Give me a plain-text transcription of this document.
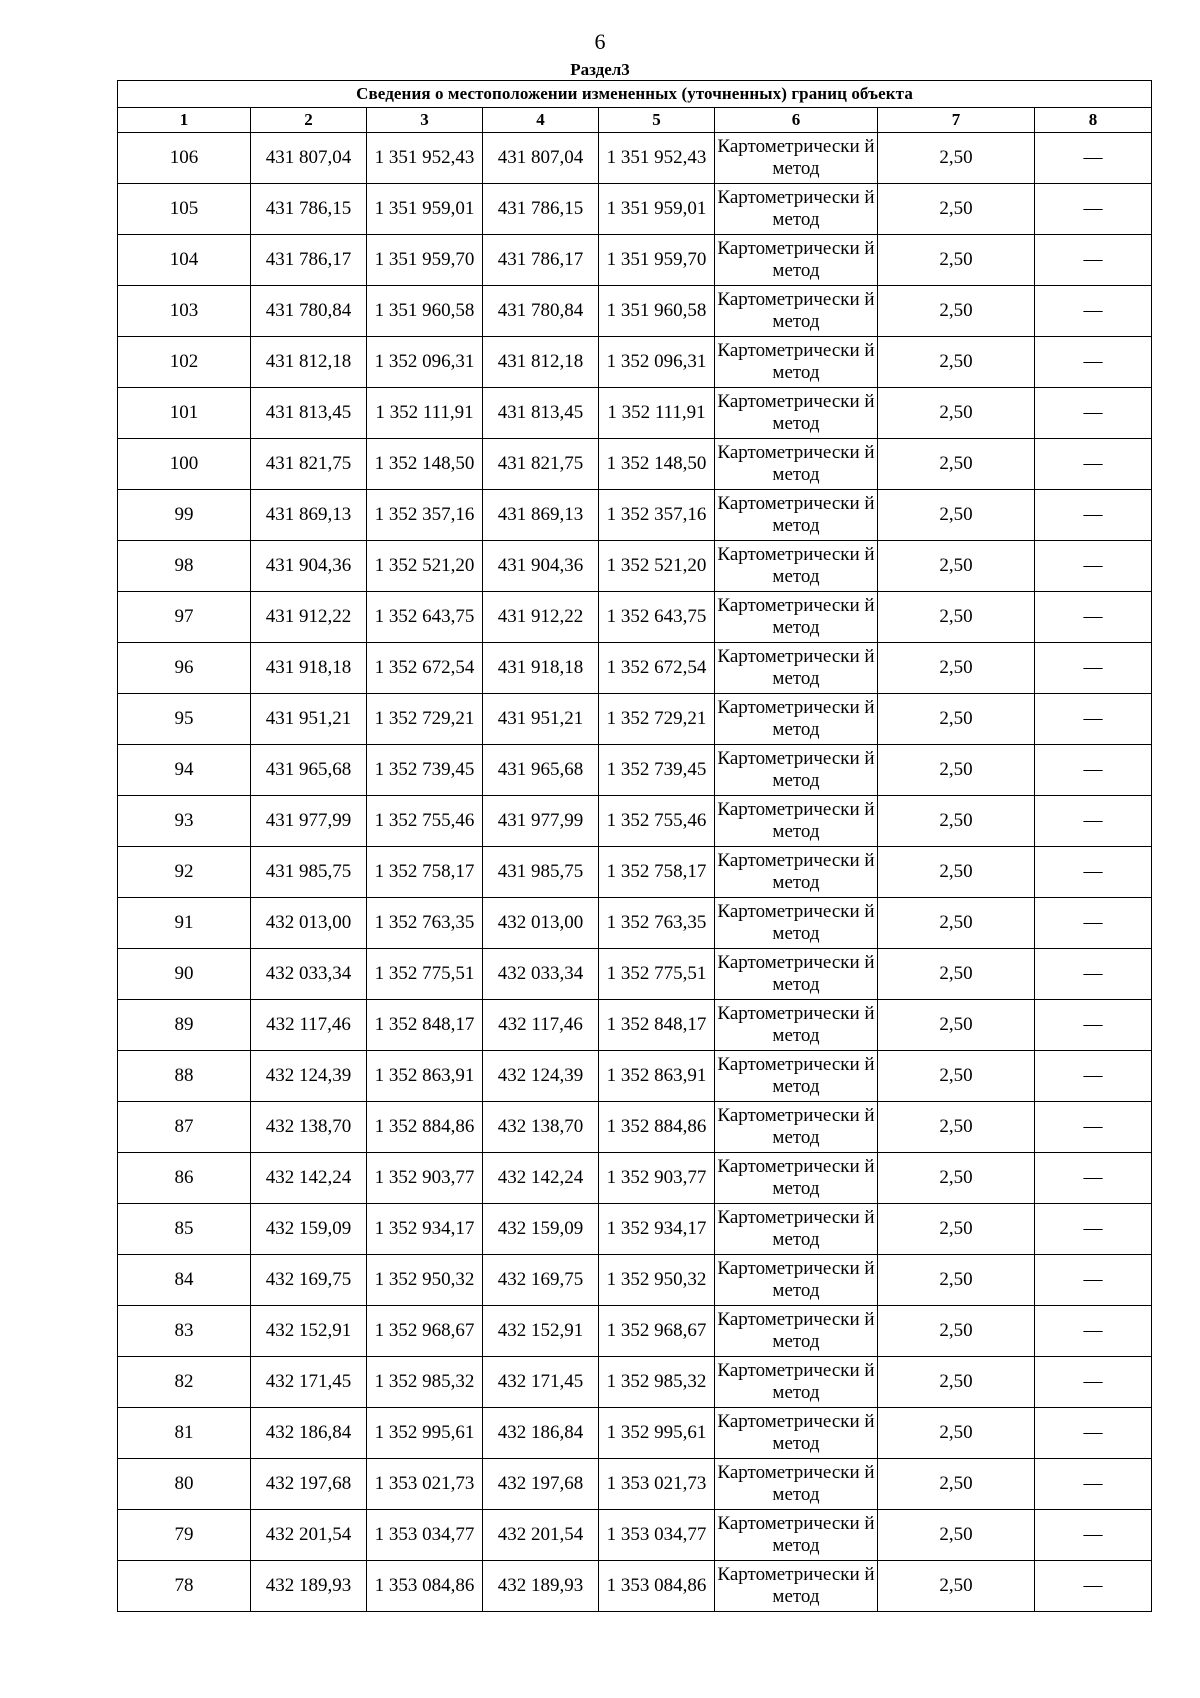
6
Раздел3
Сведения о местоположении измененных (уточненных) границ объекта							
1	2	3	4	5	6	7	8
106	431 807,04	1 351 952,43	431 807,04	1 351 952,43	Картометрически й метод	2,50	—
105	431 786,15	1 351 959,01	431 786,15	1 351 959,01	Картометрически й метод	2,50	—
104	431 786,17	1 351 959,70	431 786,17	1 351 959,70	Картометрически й метод	2,50	—
103	431 780,84	1 351 960,58	431 780,84	1 351 960,58	Картометрически й метод	2,50	—
102	431 812,18	1 352 096,31	431 812,18	1 352 096,31	Картометрически й метод	2,50	—
101	431 813,45	1 352 111,91	431 813,45	1 352 111,91	Картометрически й метод	2,50	—
100	431 821,75	1 352 148,50	431 821,75	1 352 148,50	Картометрически й метод	2,50	—
99	431 869,13	1 352 357,16	431 869,13	1 352 357,16	Картометрически й метод	2,50	—
98	431 904,36	1 352 521,20	431 904,36	1 352 521,20	Картометрически й метод	2,50	—
97	431 912,22	1 352 643,75	431 912,22	1 352 643,75	Картометрически й метод	2,50	—
96	431 918,18	1 352 672,54	431 918,18	1 352 672,54	Картометрически й метод	2,50	—
95	431 951,21	1 352 729,21	431 951,21	1 352 729,21	Картометрически й метод	2,50	—
94	431 965,68	1 352 739,45	431 965,68	1 352 739,45	Картометрически й метод	2,50	—
93	431 977,99	1 352 755,46	431 977,99	1 352 755,46	Картометрически й метод	2,50	—
92	431 985,75	1 352 758,17	431 985,75	1 352 758,17	Картометрически й метод	2,50	—
91	432 013,00	1 352 763,35	432 013,00	1 352 763,35	Картометрически й метод	2,50	—
90	432 033,34	1 352 775,51	432 033,34	1 352 775,51	Картометрически й метод	2,50	—
89	432 117,46	1 352 848,17	432 117,46	1 352 848,17	Картометрически й метод	2,50	—
88	432 124,39	1 352 863,91	432 124,39	1 352 863,91	Картометрически й метод	2,50	—
87	432 138,70	1 352 884,86	432 138,70	1 352 884,86	Картометрически й метод	2,50	—
86	432 142,24	1 352 903,77	432 142,24	1 352 903,77	Картометрически й метод	2,50	—
85	432 159,09	1 352 934,17	432 159,09	1 352 934,17	Картометрически й метод	2,50	—
84	432 169,75	1 352 950,32	432 169,75	1 352 950,32	Картометрически й метод	2,50	—
83	432 152,91	1 352 968,67	432 152,91	1 352 968,67	Картометрически й метод	2,50	—
82	432 171,45	1 352 985,32	432 171,45	1 352 985,32	Картометрически й метод	2,50	—
81	432 186,84	1 352 995,61	432 186,84	1 352 995,61	Картометрически й метод	2,50	—
80	432 197,68	1 353 021,73	432 197,68	1 353 021,73	Картометрически й метод	2,50	—
79	432 201,54	1 353 034,77	432 201,54	1 353 034,77	Картометрически й метод	2,50	—
78	432 189,93	1 353 084,86	432 189,93	1 353 084,86	Картометрически й метод	2,50	—
